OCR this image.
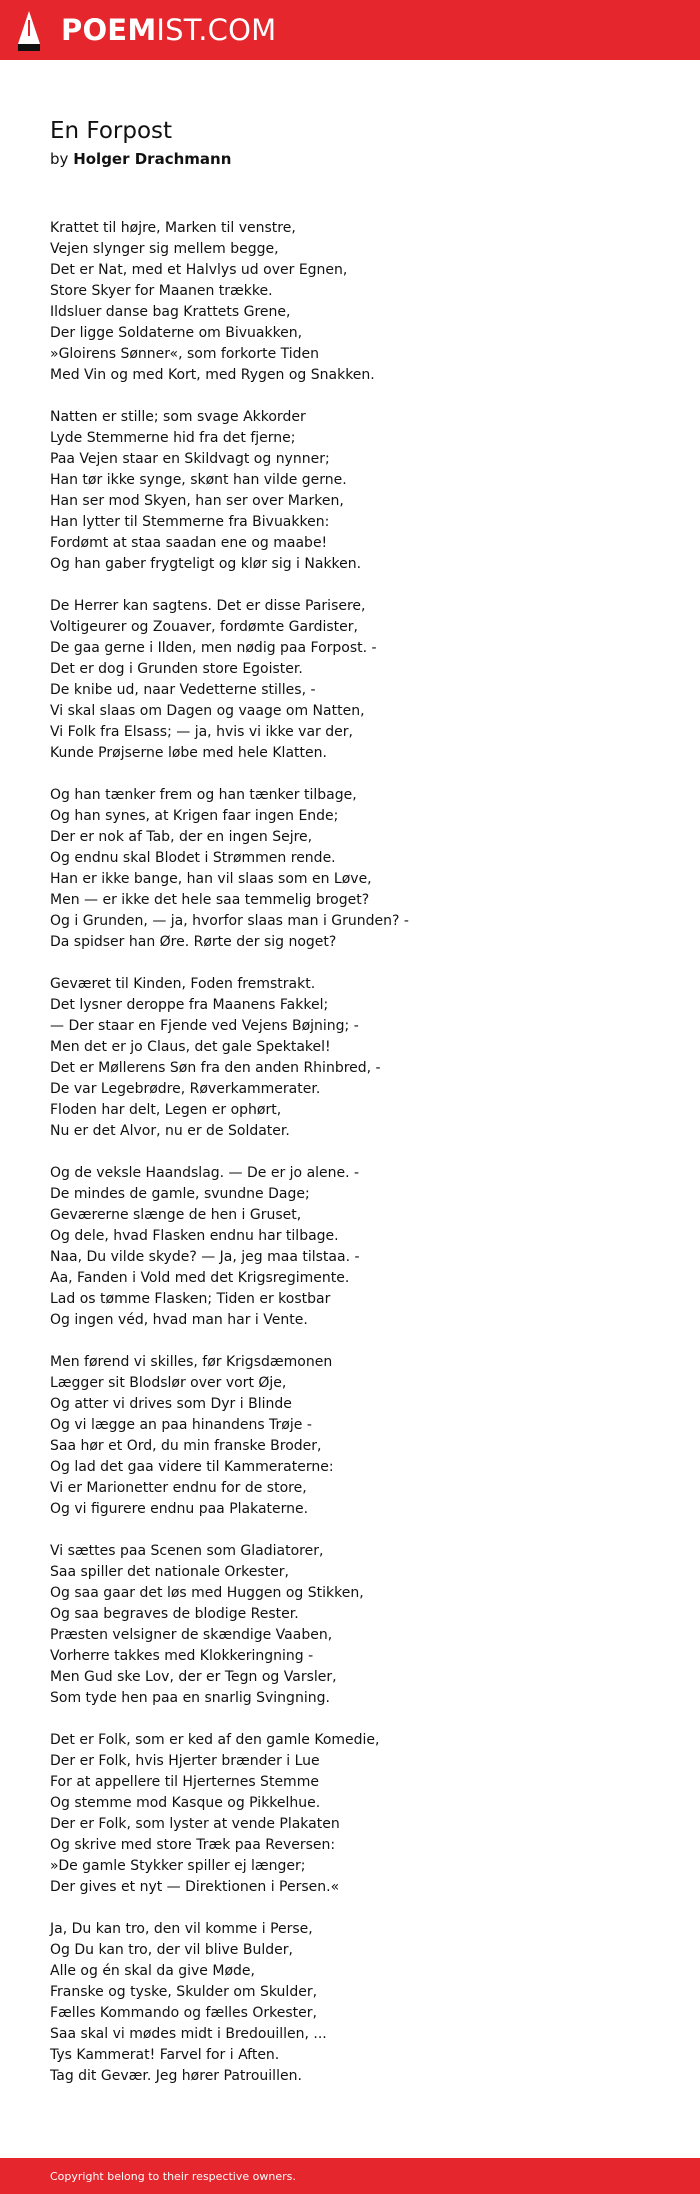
POEMIST.COM
En Forpost
by Holger Drachmann
Krattet til højre, Marken til venstre,
Vejen slynger sig mellem begge,
Det er Nat, med et Halvlys ud over Egnen,
Store Skyer for Maanen trække.
Ildsluer danse bag Krattets Grene,
Der ligge Soldaterne om Bivuakken,
»Gloirens Sønner«, som forkorte Tiden
Med Vin og med Kort, med Rygen og Snakken.
Natten er stille; som svage Akkorder
Lyde Stemmerne hid fra det fjerne;
Paa Vejen staar en Skildvagt og nynner;
Han tør ikke synge, skønt han vilde gerne.
Han ser mod Skyen, han ser over Marken,
Han lytter til Stemmerne fra Bivuakken:
Fordømt at staa saadan ene og maabe!
Og han gaber frygteligt og klør sig i Nakken.
De Herrer kan sagtens. Det er disse Parisere,
Voltigeurer og Zouaver, fordømte Gardister,
De gaa gerne i Ilden, men nødig paa Forpost. -
Det er dog i Grunden store Egoister.
De knibe ud, naar Vedetterne stilles, -
Vi skal slaas om Dagen og vaage om Natten,
Vi Folk fra Elsass; — ja, hvis vi ikke var der,
Kunde Prøjserne løbe med hele Klatten.
Og han tænker frem og han tænker tilbage,
Og han synes, at Krigen faar ingen Ende;
Der er nok af Tab, der en ingen Sejre,
Og endnu skal Blodet i Strømmen rende.
Han er ikke bange, han vil slaas som en Løve,
Men — er ikke det hele saa temmelig broget?
Og i Grunden, — ja, hvorfor slaas man i Grunden? -
Da spidser han Øre. Rørte der sig noget?
Geværet til Kinden, Foden fremstrakt.
Det lysner deroppe fra Maanens Fakkel;
— Der staar en Fjende ved Vejens Bøjning; -
Men det er jo Claus, det gale Spektakel!
Det er Møllerens Søn fra den anden Rhinbred, -
De var Legebrødre, Røverkammerater.
Floden har delt, Legen er ophørt,
Nu er det Alvor, nu er de Soldater.
Og de veksle Haandslag. — De er jo alene. -
De mindes de gamle, svundne Dage;
Geværerne slænge de hen i Gruset,
Og dele, hvad Flasken endnu har tilbage.
Naa, Du vilde skyde? — Ja, jeg maa tilstaa. -
Aa, Fanden i Vold med det Krigsregimente.
Lad os tømme Flasken; Tiden er kostbar
Og ingen véd, hvad man har i Vente.
Men førend vi skilles, før Krigsdæmonen
Lægger sit Blodslør over vort Øje,
Og atter vi drives som Dyr i Blinde
Og vi lægge an paa hinandens Trøje -
Saa hør et Ord, du min franske Broder,
Og lad det gaa videre til Kammeraterne:
Vi er Marionetter endnu for de store,
Og vi figurere endnu paa Plakaterne.
Vi sættes paa Scenen som Gladiatorer,
Saa spiller det nationale Orkester,
Og saa gaar det løs med Huggen og Stikken,
Og saa begraves de blodige Rester.
Præsten velsigner de skændige Vaaben,
Vorherre takkes med Klokkeringning -
Men Gud ske Lov, der er Tegn og Varsler,
Som tyde hen paa en snarlig Svingning.
Det er Folk, som er ked af den gamle Komedie,
Der er Folk, hvis Hjerter brænder i Lue
For at appellere til Hjerternes Stemme
Og stemme mod Kasque og Pikkelhue.
Der er Folk, som lyster at vende Plakaten
Og skrive med store Træk paa Reversen:
»De gamle Stykker spiller ej længer;
Der gives et nyt — Direktionen i Persen.«
Ja, Du kan tro, den vil komme i Perse,
Og Du kan tro, der vil blive Bulder,
Alle og én skal da give Møde,
Franske og tyske, Skulder om Skulder,
Fælles Kommando og fælles Orkester,
Saa skal vi mødes midt i Bredouillen, ...
Tys Kammerat! Farvel for i Aften.
Tag dit Gevær. Jeg hører Patrouillen.
Copyright belong to their respective owners.
